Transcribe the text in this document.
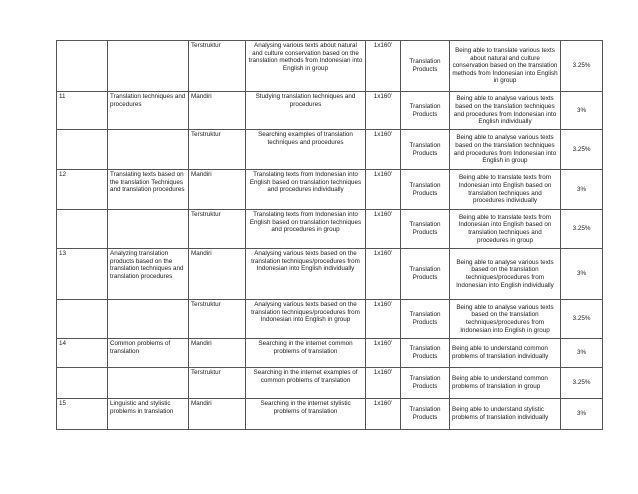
		Terstruktur	Analysing various texts about natural and culture conservation based on the translation methods from Indonesian into English in group	1x160’	Translation Products	Being able to translate various texts about natural and culture conservation based on the translation methods from Indonesian into English in group	3.25%
11	Translation techniques and procedures	Mandiri	Studying translation techniques and procedures	1x160’	Translation Products	Being able to analyse various texts based on the translation techniques and procedures from Indonesian into English individually	3%
		Terstruktur	Searching examples of translation techniques and procedures	1x160’	Translation Products	Being able to analyse various texts based on the translation techniques and procedures from Indonesian into English in group	3.25%
12	Translating texts based on the translation Techniques and translation procedures	Mandiri	Translating texts from Indonesian into English based on translation techniques and procedures individually	1x160’	Translation Products	Being able to translate texts from Indonesian into English based on translation techniques and procedures individually	3%
		Terstruktur	Translating texts from Indonesian into English based on translation techniques and procedures in group	1x160’	Translation Products	Being able to translate texts from Indonesian into English based on translation techniques and procedures in group	3.25%
13	Analyzing translation products based on the translation techniques and translation procedures	Mandiri	Analysing various texts based on the translation techniques/procedures from Indonesian into English individually	1x160’	Translation Products	Being able to analyse various texts based on the translation techniques/procedures from Indonesian into English individually	3%
		Terstruktur	Analysing various texts based on the translation techniques/procedures from Indonesian into English in group	1x160’	Translation Products	Being able to analyse various texts based on the translation techniques/procedures from Indonesian into English in group	3.25%
14	Common problems of translation	Mandiri	Searching in the internet common problems of translation	1x160’	Translation Products	Being able to understand common problems of translation individually	3%
		Terstruktur	Searching in the internet examples of common problems of translation	1x160’	Translation Products	Being able to understand common problems of translation in group	3.25%
15	Linguistic and stylistic problems in translation	Mandiri	Searching in the internet stylistic problems of translation	1x160’	Translation Products	Being able to understand stylistic problems of translation individually	3%
